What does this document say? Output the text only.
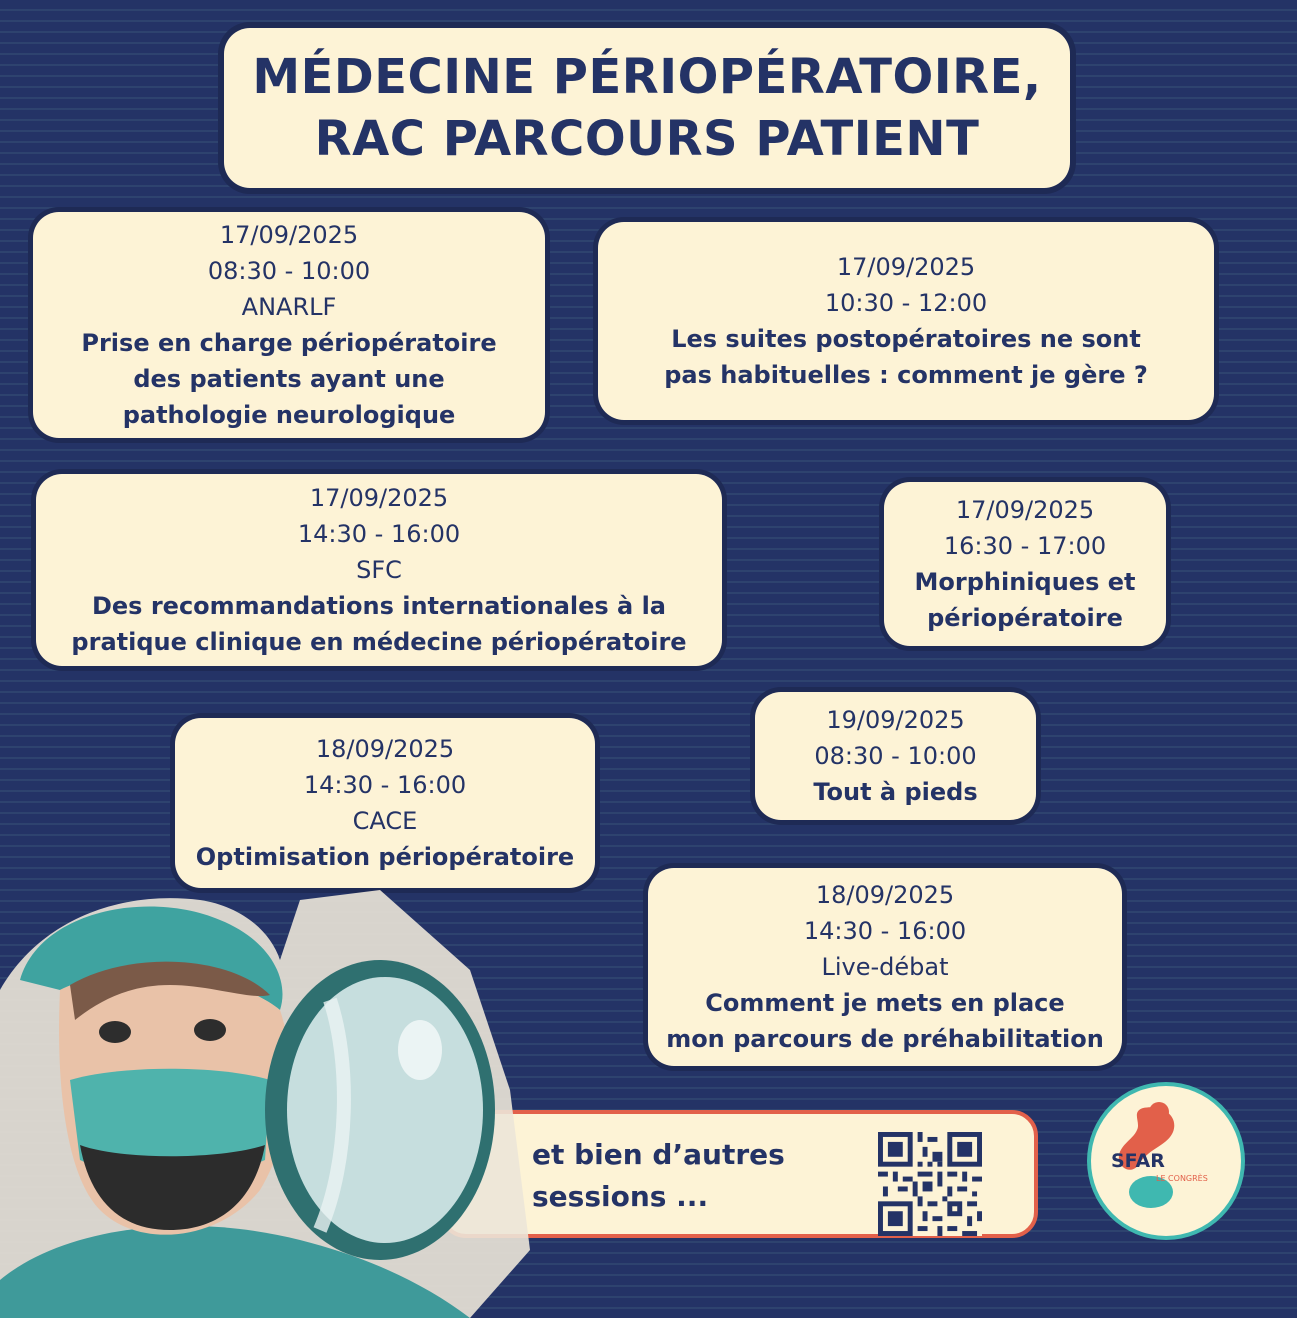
MÉDECINE PÉRIOPÉRATOIRE,
RAC PARCOURS PATIENT
17/09/2025
08:30 - 10:00
ANARLF
Prise en charge périopératoire
des patients ayant une
pathologie neurologique
17/09/2025
10:30 - 12:00
Les suites postopératoires ne sont
pas habituelles : comment je gère ?
17/09/2025
14:30 - 16:00
SFC
Des recommandations internationales à la
pratique clinique en médecine périopératoire
17/09/2025
16:30 - 17:00
Morphiniques et
périopératoire
18/09/2025
14:30 - 16:00
CACE
Optimisation périopératoire
19/09/2025
08:30 - 10:00
Tout à pieds
18/09/2025
14:30 - 16:00
Live-débat
Comment je mets en place
mon parcours de préhabilitation
et bien d’autres
sessions ...
SFAR
LE CONGRÈS
